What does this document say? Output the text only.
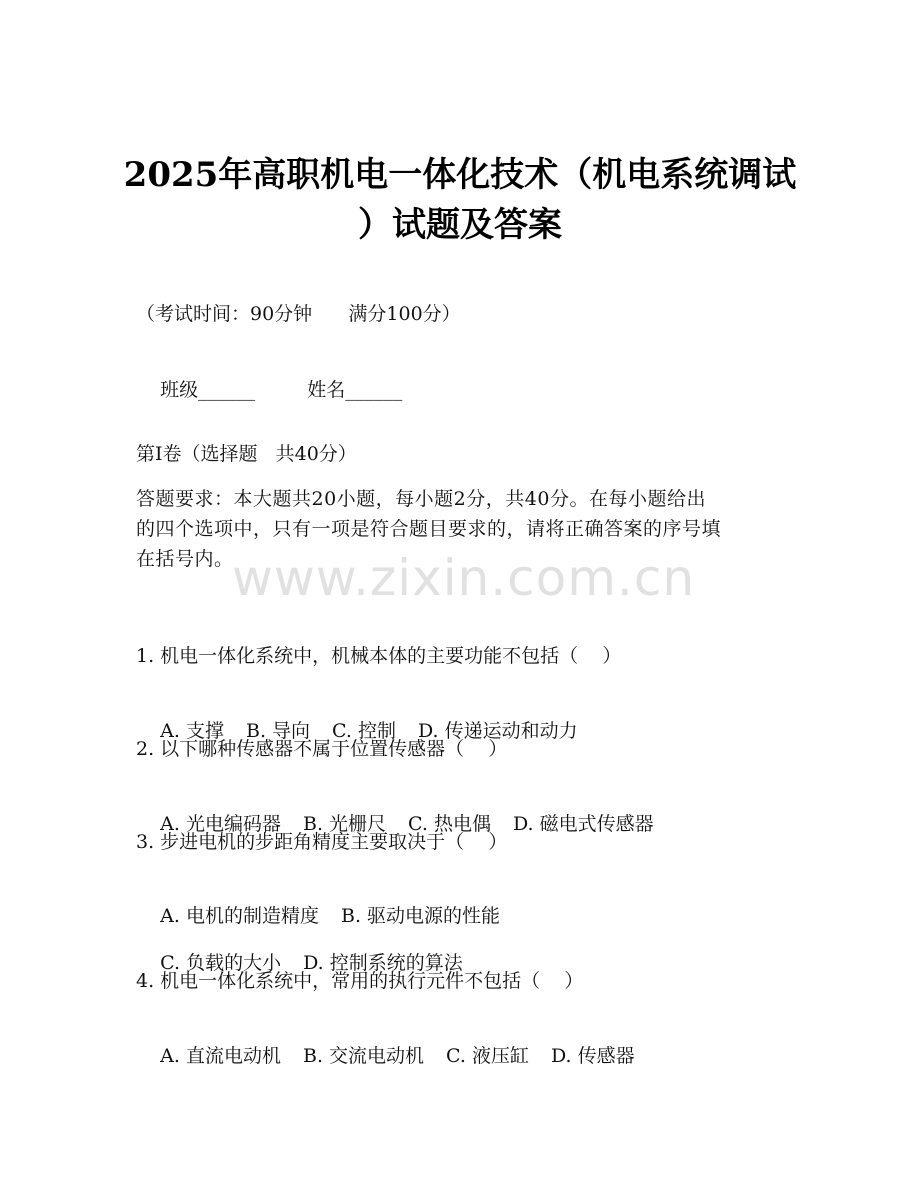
2025年高职机电一体化技术（机电系统调试
）试题及答案
（考试时间：90分钟      满分100分）

班级______	姓名______

第I卷（选择题   共40分）
答题要求：本大题共20小题，每小题2分，共40分。在每小题给出
的四个选项中，只有一项是符合题目要求的，请将正确答案的序号填
在括号内。
1. 机电一体化系统中，机械本体的主要功能不包括（    ）

A. 支撑 B. 导向 C. 控制 D. 传递运动和动力

2. 以下哪种传感器不属于位置传感器（    ）

A. 光电编码器 B. 光栅尺 C. 热电偶 D. 磁电式传感器

3. 步进电机的步距角精度主要取决于（    ）

A. 电机的制造精度 B. 驱动电源的性能

C. 负载的大小 D. 控制系统的算法

4. 机电一体化系统中，常用的执行元件不包括（    ）

A. 直流电动机 B. 交流电动机 C. 液压缸 D. 传感器

www.zixin.com.cn
